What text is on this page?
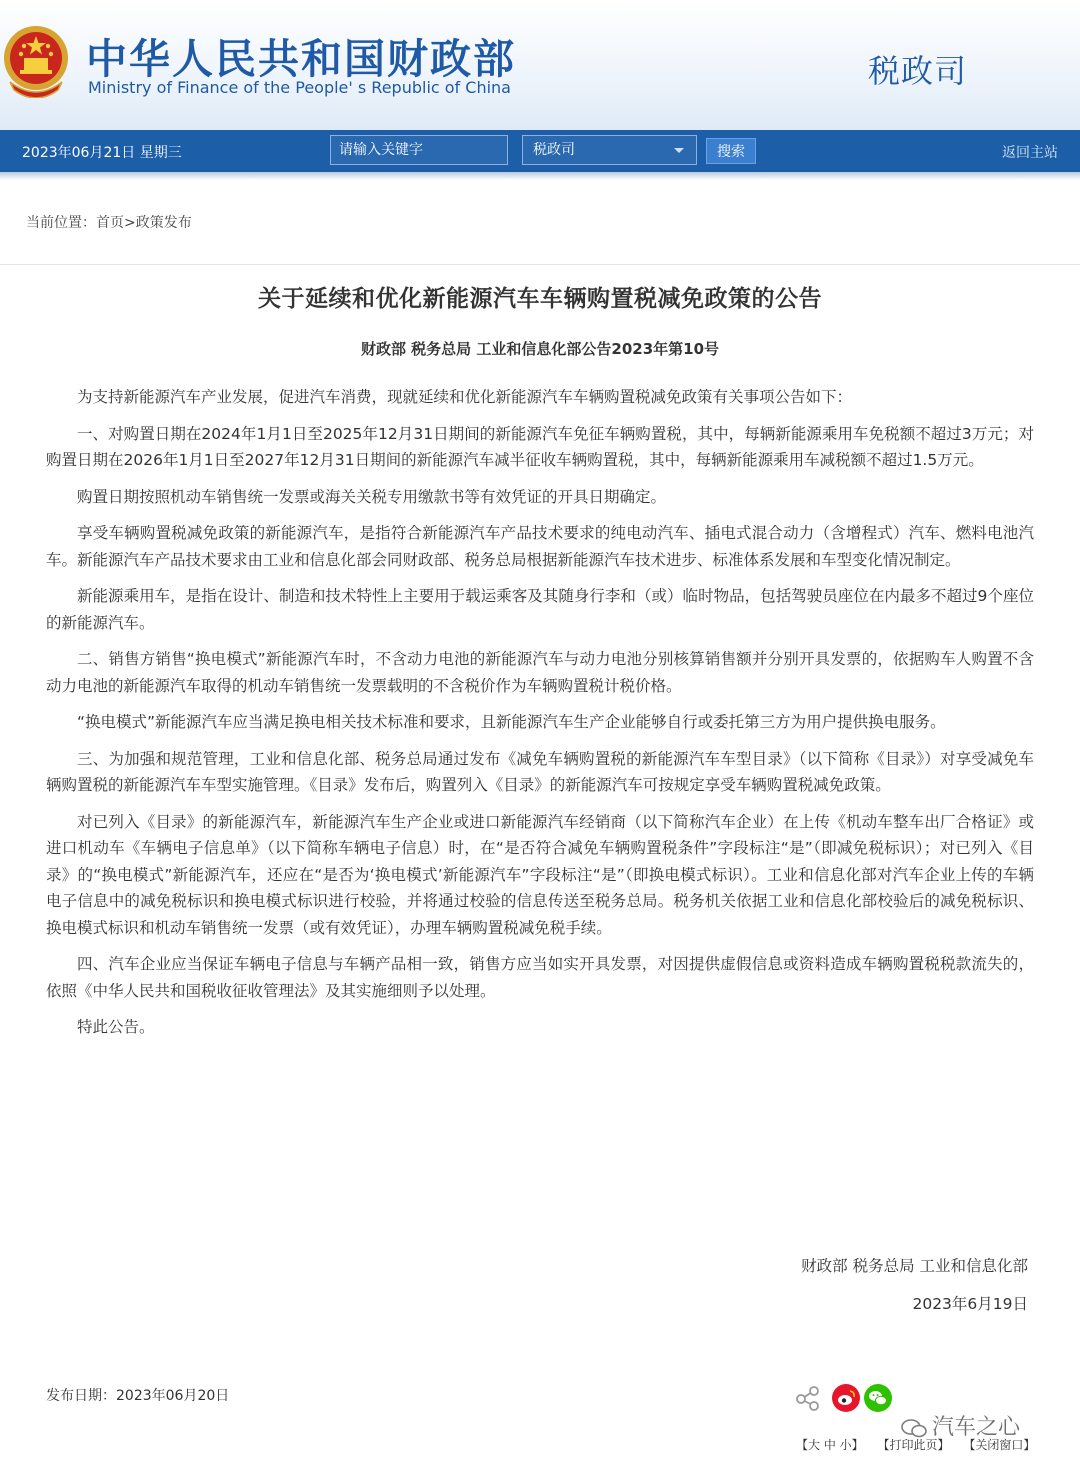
中华人民共和国财政部
Ministry of Finance of the People' s Republic of China	税政司
2023年06月21日 星期三	请输入关键字	税政司	搜索	返回主站
当前位置：首页>政策发布
关于延续和优化新能源汽车车辆购置税减免政策的公告
财政部 税务总局 工业和信息化部公告2023年第10号

为支持新能源汽车产业发展，促进汽车消费，现就延续和优化新能源汽车车辆购置税减免政策有关事项公告如下：

一、对购置日期在2024年1月1日至2025年12月31日期间的新能源汽车免征车辆购置税，其中，每辆新能源乘用车免税额不超过3万元；对购置日期在2026年1月1日至2027年12月31日期间的新能源汽车减半征收车辆购置税，其中，每辆新能源乘用车减税额不超过1.5万元。

购置日期按照机动车销售统一发票或海关关税专用缴款书等有效凭证的开具日期确定。

享受车辆购置税减免政策的新能源汽车，是指符合新能源汽车产品技术要求的纯电动汽车、插电式混合动力（含增程式）汽车、燃料电池汽车。新能源汽车产品技术要求由工业和信息化部会同财政部、税务总局根据新能源汽车技术进步、标准体系发展和车型变化情况制定。

新能源乘用车，是指在设计、制造和技术特性上主要用于载运乘客及其随身行李和（或）临时物品，包括驾驶员座位在内最多不超过9个座位的新能源汽车。

二、销售方销售“换电模式”新能源汽车时，不含动力电池的新能源汽车与动力电池分别核算销售额并分别开具发票的，依据购车人购置不含动力电池的新能源汽车取得的机动车销售统一发票载明的不含税价作为车辆购置税计税价格。

“换电模式”新能源汽车应当满足换电相关技术标准和要求，且新能源汽车生产企业能够自行或委托第三方为用户提供换电服务。

三、为加强和规范管理，工业和信息化部、税务总局通过发布《减免车辆购置税的新能源汽车车型目录》（以下简称《目录》）对享受减免车辆购置税的新能源汽车车型实施管理。《目录》发布后，购置列入《目录》的新能源汽车可按规定享受车辆购置税减免政策。

对已列入《目录》的新能源汽车，新能源汽车生产企业或进口新能源汽车经销商（以下简称汽车企业）在上传《机动车整车出厂合格证》或进口机动车《车辆电子信息单》（以下简称车辆电子信息）时，在“是否符合减免车辆购置税条件”字段标注“是”（即减免税标识）；对已列入《目录》的“换电模式”新能源汽车，还应在“是否为‘换电模式’新能源汽车”字段标注“是”（即换电模式标识）。工业和信息化部对汽车企业上传的车辆电子信息中的减免税标识和换电模式标识进行校验，并将通过校验的信息传送至税务总局。税务机关依据工业和信息化部校验后的减免税标识、换电模式标识和机动车销售统一发票（或有效凭证），办理车辆购置税减免税手续。

四、汽车企业应当保证车辆电子信息与车辆产品相一致，销售方应当如实开具发票，对因提供虚假信息或资料造成车辆购置税税款流失的，依照《中华人民共和国税收征收管理法》及其实施细则予以处理。

特此公告。

财政部 税务总局 工业和信息化部
2023年6月19日
发布日期：2023年06月20日
汽车之心
【大 中 小】 【打印此页】 【关闭窗口】
